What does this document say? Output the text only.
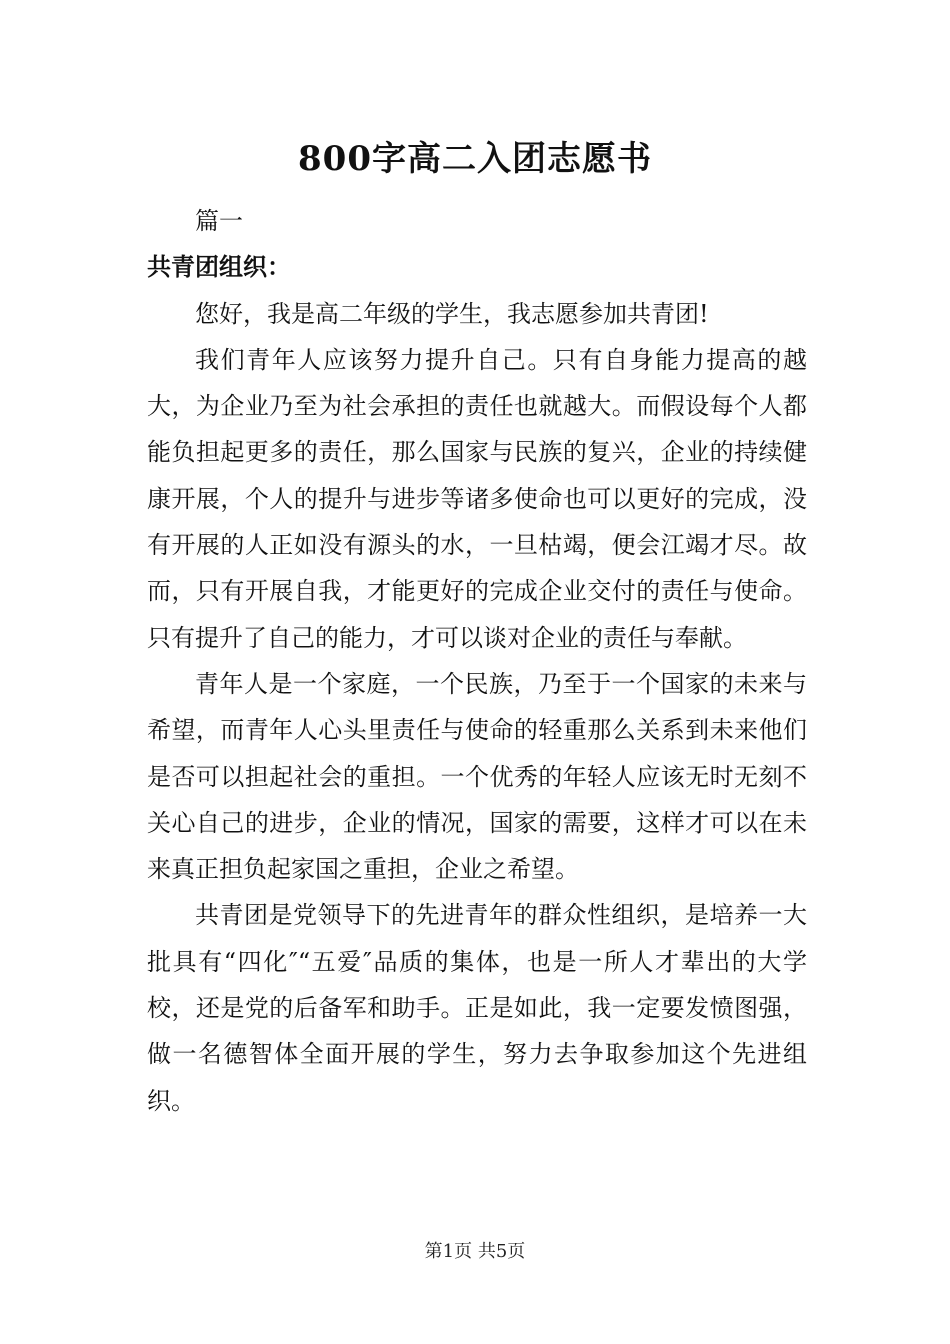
800字高二入团志愿书

篇一

共青团组织：

您好，我是高二年级的学生，我志愿参加共青团!

我们青年人应该努力提升自己。只有自身能力提高的越大，为企业乃至为社会承担的责任也就越大。而假设每个人都能负担起更多的责任，那么国家与民族的复兴，企业的持续健康开展，个人的提升与进步等诸多使命也可以更好的完成，没有开展的人正如没有源头的水，一旦枯竭，便会江竭才尽。故而，只有开展自我，才能更好的完成企业交付的责任与使命。只有提升了自己的能力，才可以谈对企业的责任与奉献。

青年人是一个家庭，一个民族，乃至于一个国家的未来与希望，而青年人心头里责任与使命的轻重那么关系到未来他们是否可以担起社会的重担。一个优秀的年轻人应该无时无刻不关心自己的进步，企业的情况，国家的需要，这样才可以在未来真正担负起家国之重担，企业之希望。

共青团是党领导下的先进青年的群众性组织，是培养一大批具有“四化″“五爱″品质的集体，也是一所人才辈出的大学校，还是党的后备军和助手。正是如此，我一定要发愤图强，做一名德智体全面开展的学生，努力去争取参加这个先进组织。

第1页 共5页
